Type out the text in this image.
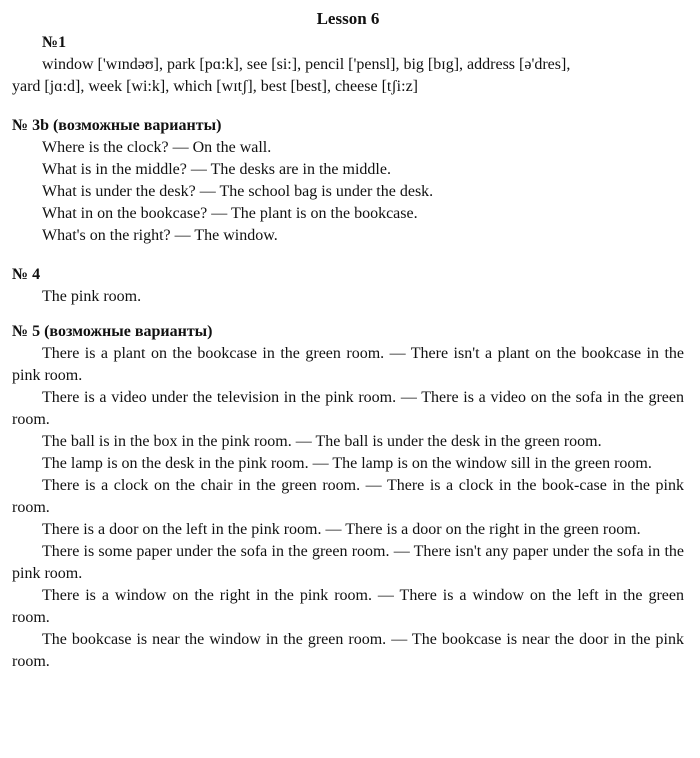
Lesson 6
№1
window ['wɪndəʊ], park [pɑ:k], see [si:], pencil ['pensl], big [bɪg], address [ə'dres],
yard [jɑ:d], week [wi:k], which [wɪtʃ], best [best], cheese [tʃi:z]
№ 3b (возможные варианты)
Where is the clock? — On the wall.
What is in the middle? — The desks are in the middle.
What is under the desk? — The school bag is under the desk.
What in on the bookcase? — The plant is on the bookcase.
What's on the right? — The window.
№ 4
The pink room.
№ 5 (возможные варианты)
There is a plant on the bookcase in the green room. — There isn't a plant on the bookcase in the pink room.
There is a video under the television in the pink room. — There is a video on the sofa in the green room.
The ball is in the box in the pink room. — The ball is under the desk in the green room.
The lamp is on the desk in the pink room. — The lamp is on the window sill in the green room.
There is a clock on the chair in the green room. — There is a clock in the book-case in the pink room.
There is a door on the left in the pink room. — There is a door on the right in the green room.
There is some paper under the sofa in the green room. — There isn't any paper under the sofa in the pink room.
There is a window on the right in the pink room. — There is a window on the left in the green room.
The bookcase is near the window in the green room. — The bookcase is near the door in the pink room.
